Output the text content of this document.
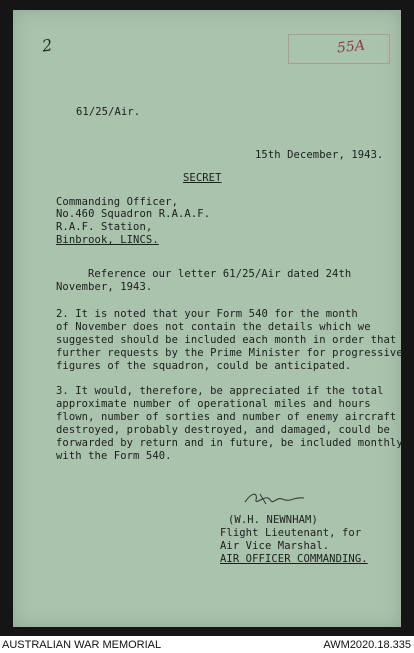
55A
2
61/25/Air.
15th December, 1943.
SECRET
Commanding Officer,
No.460 Squadron R.A.A.F.
R.A.F. Station,
Binbrook, LINCS.
Reference our letter 61/25/Air dated 24th
November, 1943.
2. It is noted that your Form 540 for the month
of November does not contain the details which we
suggested should be included each month in order that
further requests by the Prime Minister for progressive
figures of the squadron, could be anticipated.
3. It would, therefore, be appreciated if the total
approximate number of operational miles and hours
flown, number of sorties and number of enemy aircraft
destroyed, probably destroyed, and damaged, could be
forwarded by return and in future, be included monthly
with the Form 540.
(W.H. NEWNHAM)
Flight Lieutenant, for
Air Vice Marshal.
AIR OFFICER COMMANDING.
AUSTRALIAN WAR MEMORIAL	AWM2020.18.335
